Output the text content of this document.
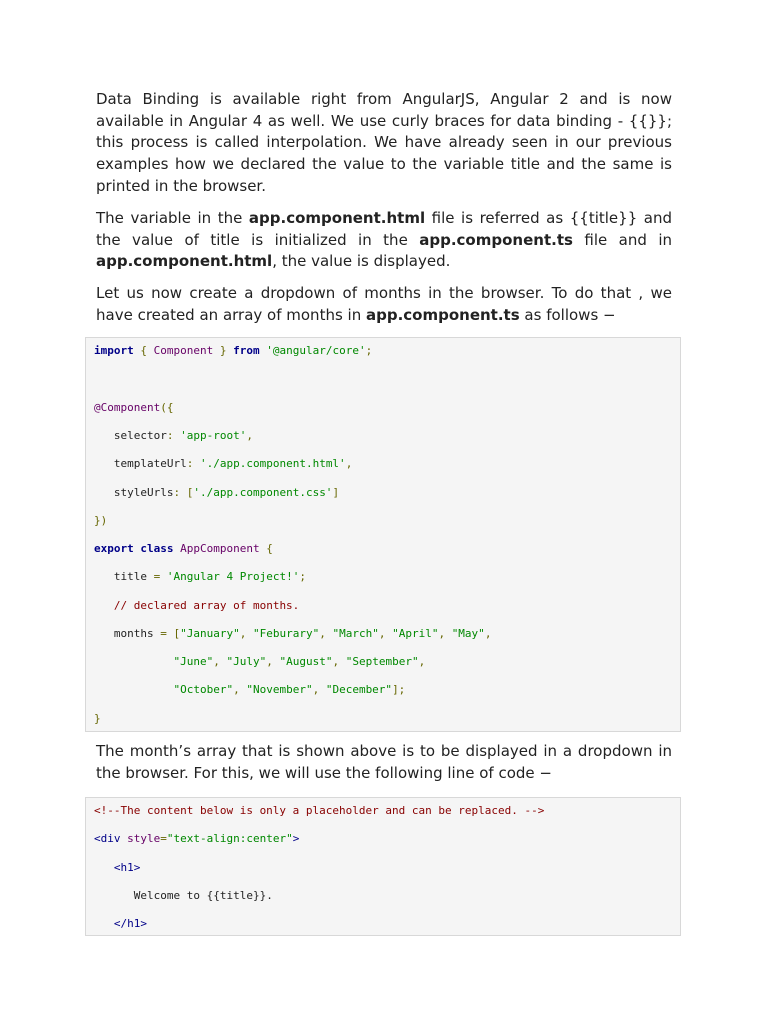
Data Binding is available right from AngularJS, Angular 2 and is now available in Angular 4 as well. We use curly braces for data binding - {{}}; this process is called interpolation. We have already seen in our previous examples how we declared the value to the variable title and the same is printed in the browser.
The variable in the app.component.html file is referred as {{title}} and the value of title is initialized in the app.component.ts file and in app.component.html, the value is displayed.
Let us now create a dropdown of months in the browser. To do that , we
have created an array of months in app.component.ts as follows −
import { Component } from '@angular/core';
@Component({
selector: 'app-root',
templateUrl: './app.component.html',
styleUrls: ['./app.component.css']
})
export class AppComponent {
title = 'Angular 4 Project!';
// declared array of months.
months = ["January", "Feburary", "March", "April", "May",
"June", "July", "August", "September",
"October", "November", "December"];
}
The month’s array that is shown above is to be displayed in a dropdown in the browser. For this, we will use the following line of code −
<!--The content below is only a placeholder and can be replaced. -->
<div style="text-align:center">
<h1>
Welcome to {{title}}.
</h1>
